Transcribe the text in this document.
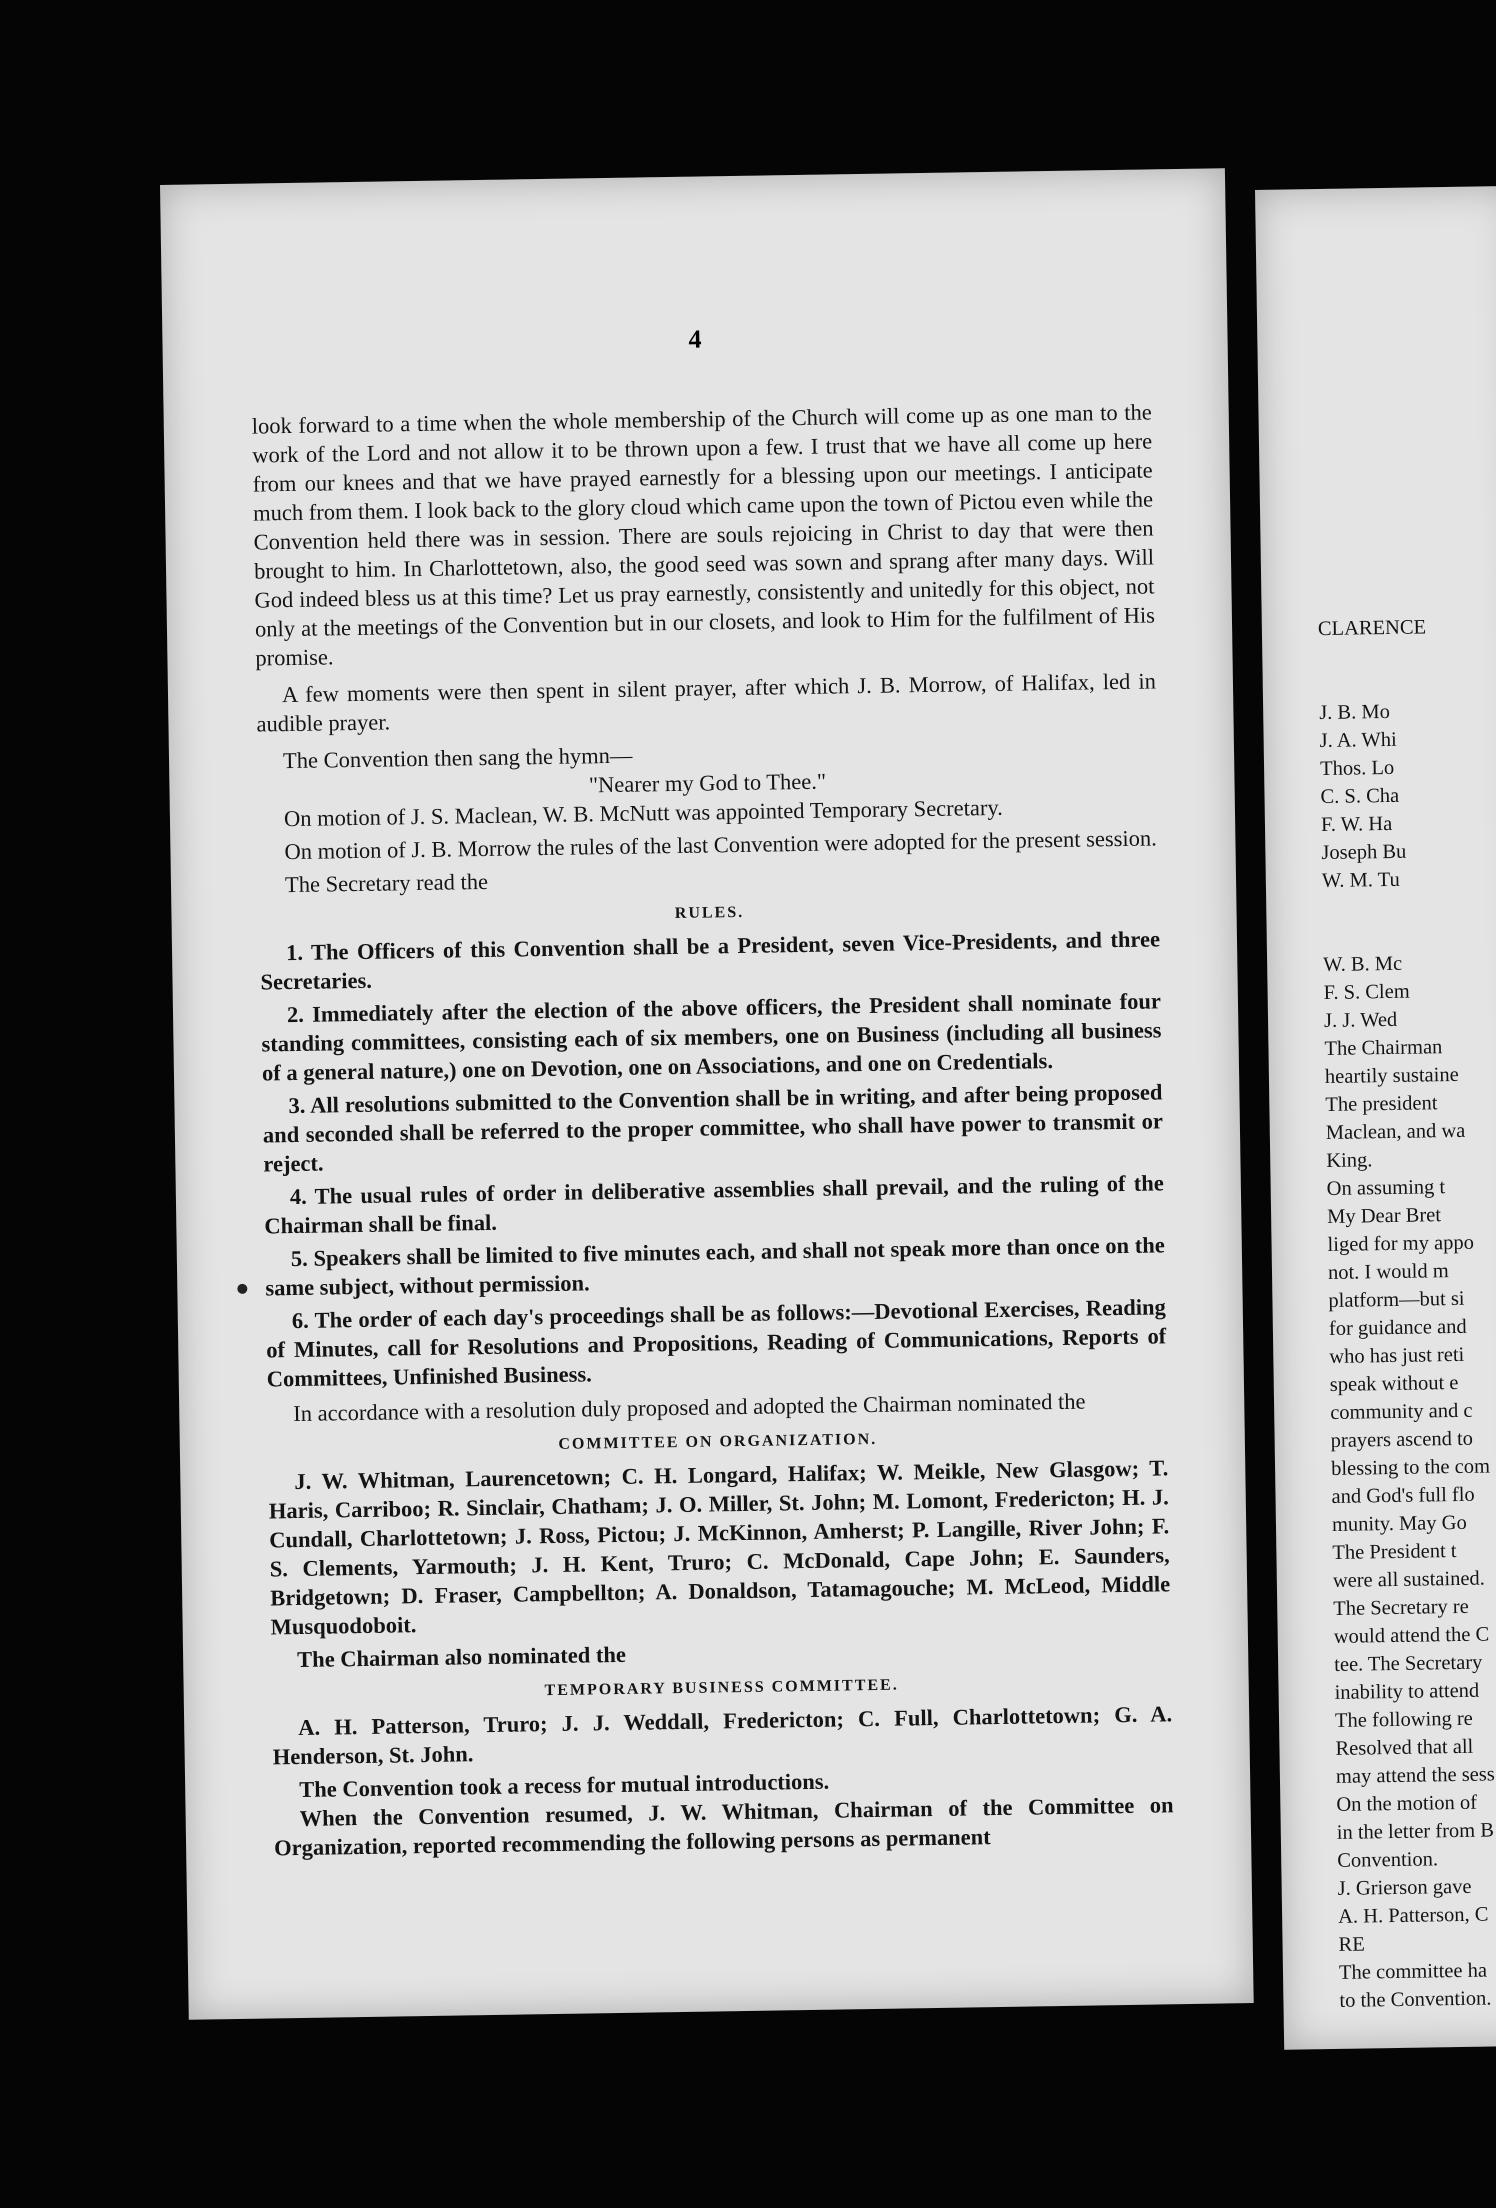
4

look forward to a time when the whole membership of the Church will come up as one man to the work of the Lord and not allow it to be thrown upon a few. I trust that we have all come up here from our knees and that we have prayed earnestly for a blessing upon our meetings. I anticipate much from them. I look back to the glory cloud which came upon the town of Pictou even while the Convention held there was in session. There are souls rejoicing in Christ to day that were then brought to him. In Charlottetown, also, the good seed was sown and sprang after many days. Will God indeed bless us at this time? Let us pray earnestly, consistently and unitedly for this object, not only at the meetings of the Convention but in our closets, and look to Him for the fulfilment of His promise.

A few moments were then spent in silent prayer, after which J. B. Morrow, of Halifax, led in audible prayer.

The Convention then sang the hymn—

"Nearer my God to Thee."

On motion of J. S. Maclean, W. B. McNutt was appointed Temporary Secretary.

On motion of J. B. Morrow the rules of the last Convention were adopted for the present session.

The Secretary read the

RULES.

1. The Officers of this Convention shall be a President, seven Vice-Presidents, and three Secretaries.

2. Immediately after the election of the above officers, the President shall nominate four standing committees, consisting each of six members, one on Business (including all business of a general nature,) one on Devotion, one on Associations, and one on Credentials.

3. All resolutions submitted to the Convention shall be in writing, and after being proposed and seconded shall be referred to the proper committee, who shall have power to transmit or reject.

4. The usual rules of order in deliberative assemblies shall prevail, and the ruling of the Chairman shall be final.

5. Speakers shall be limited to five minutes each, and shall not speak more than once on the same subject, without permission.

6. The order of each day's proceedings shall be as follows:—Devotional Exercises, Reading of Minutes, call for Resolutions and Propositions, Reading of Communications, Reports of Committees, Unfinished Business.

In accordance with a resolution duly proposed and adopted the Chairman nominated the

COMMITTEE ON ORGANIZATION.

J. W. Whitman, Laurencetown; C. H. Longard, Halifax; W. Meikle, New Glasgow; T. Haris, Carriboo; R. Sinclair, Chatham; J. O. Miller, St. John; M. Lomont, Fredericton; H. J. Cundall, Charlottetown; J. Ross, Pictou; J. McKinnon, Amherst; P. Langille, River John; F. S. Clements, Yarmouth; J. H. Kent, Truro; C. McDonald, Cape John; E. Saunders, Bridgetown; D. Fraser, Campbellton; A. Donaldson, Tatamagouche; M. McLeod, Middle Musquodoboit.

The Chairman also nominated the

TEMPORARY BUSINESS COMMITTEE.

A. H. Patterson, Truro; J. J. Weddall, Fredericton; C. Full, Charlottetown; G. A. Henderson, St. John.

The Convention took a recess for mutual introductions.

When the Convention resumed, J. W. Whitman, Chairman of the Committee on Organization, reported recommending the following persons as permanent

CLARENCE
J. B. Mo
J. A. Whi
Thos. Lo
C. S. Cha
F. W. Ha
Joseph Bu
W. M. Tu
W. B. Mc
F. S. Clem
J. J. Wed
The Chairman
heartily sustaine
The president
Maclean, and wa
King.
On assuming t
My Dear Bret
liged for my appo
not. I would m
platform—but si
for guidance and
who has just reti
speak without e
community and c
prayers ascend to
blessing to the com
and God's full flo
munity. May Go
The President t
were all sustained.
The Secretary re
would attend the C
tee. The Secretary
inability to attend
The following re
Resolved that all
may attend the sess
On the motion of
in the letter from B
Convention.
J. Grierson gave
A. H. Patterson, C
RE
The committee ha
to the Convention.
